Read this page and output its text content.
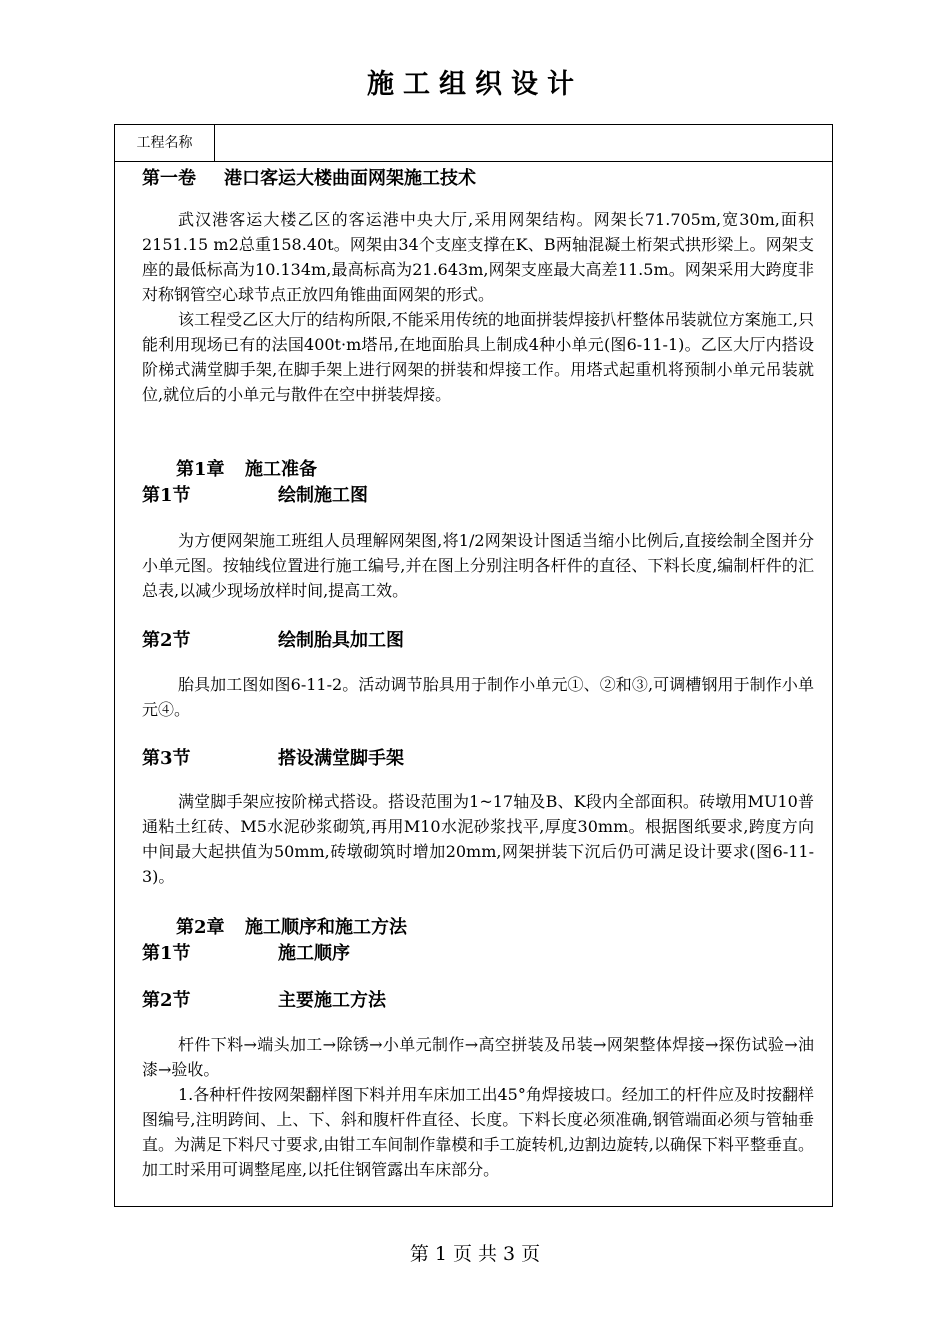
施工组织设计
工程名称
第一卷 港口客运大楼曲面网架施工技术

武汉港客运大楼乙区的客运港中央大厅,采用网架结构。网架长71.705m,宽30m,面积2151.15 m2总重158.40t。网架由34个支座支撑在K、B两轴混凝土桁架式拱形梁上。网架支座的最低标高为10.134m,最高标高为21.643m,网架支座最大高差11.5m。网架采用大跨度非对称钢管空心球节点正放四角锥曲面网架的形式。

该工程受乙区大厅的结构所限,不能采用传统的地面拼装焊接扒杆整体吊装就位方案施工,只能利用现场已有的法国400t·m塔吊,在地面胎具上制成4种小单元(图6-11-1)。乙区大厅内搭设阶梯式满堂脚手架,在脚手架上进行网架的拼装和焊接工作。用塔式起重机将预制小单元吊装就位,就位后的小单元与散件在空中拼装焊接。

第1章 施工准备
第1节	绘制施工图

为方便网架施工班组人员理解网架图,将1/2网架设计图适当缩小比例后,直接绘制全图并分小单元图。按轴线位置进行施工编号,并在图上分别注明各杆件的直径、下料长度,编制杆件的汇总表,以减少现场放样时间,提高工效。

第2节	绘制胎具加工图

胎具加工图如图6-11-2。活动调节胎具用于制作小单元①、②和③,可调槽钢用于制作小单元④。

第3节	搭设满堂脚手架

满堂脚手架应按阶梯式搭设。搭设范围为1~17轴及B、K段内全部面积。砖墩用MU10普通粘土红砖、M5水泥砂浆砌筑,再用M10水泥砂浆找平,厚度30mm。根据图纸要求,跨度方向中间最大起拱值为50mm,砖墩砌筑时增加20mm,网架拼装下沉后仍可满足设计要求(图6-11-3)。

第2章 施工顺序和施工方法
第1节	施工顺序
第2节	主要施工方法

杆件下料→端头加工→除锈→小单元制作→高空拼装及吊装→网架整体焊接→探伤试验→油漆→验收。

1.各种杆件按网架翻样图下料并用车床加工出45°角焊接坡口。经加工的杆件应及时按翻样图编号,注明跨间、上、下、斜和腹杆件直径、长度。下料长度必须准确,钢管端面必须与管轴垂直。为满足下料尺寸要求,由钳工车间制作靠模和手工旋转机,边割边旋转,以确保下料平整垂直。加工时采用可调整尾座,以托住钢管露出车床部分。

第 1 页 共 3 页
